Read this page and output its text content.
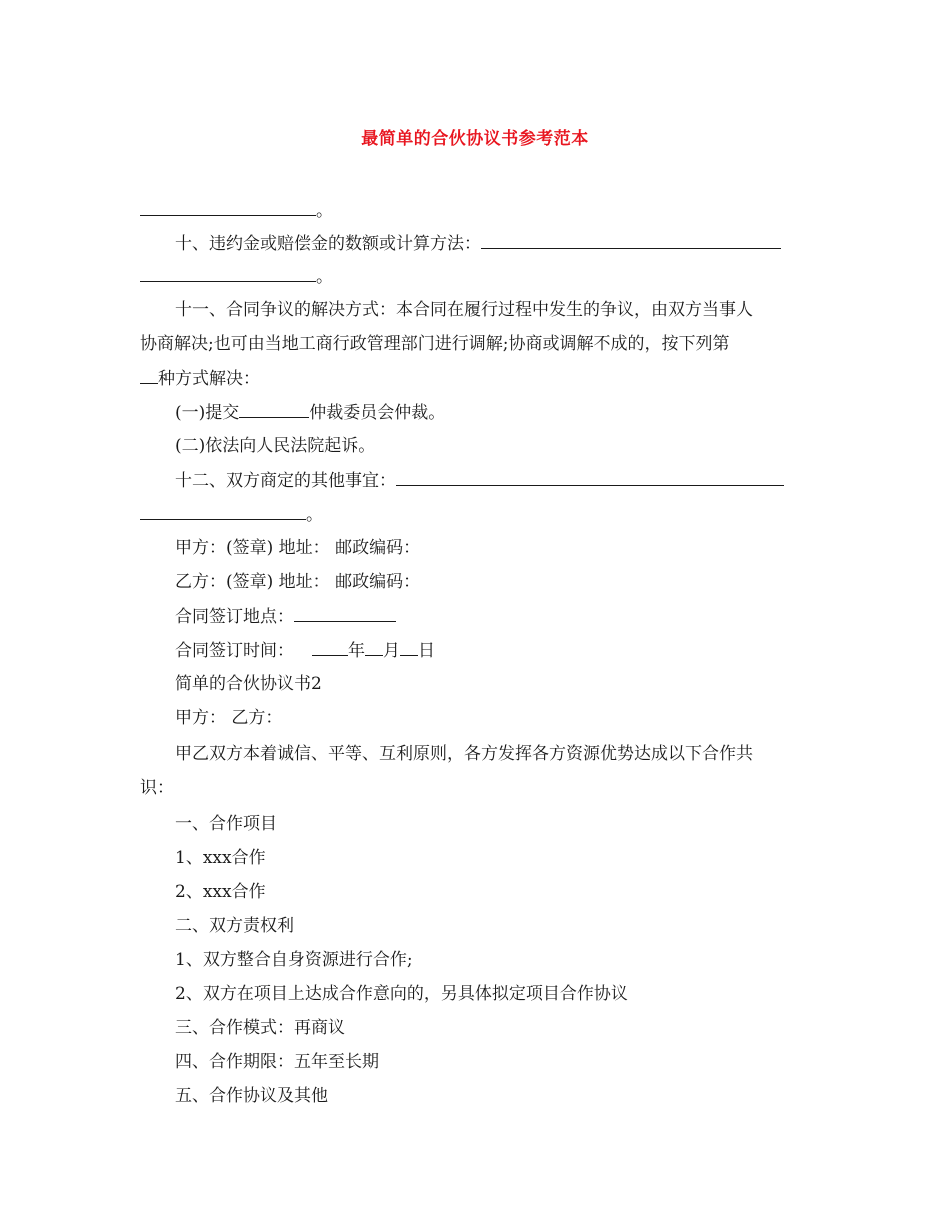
最简单的合伙协议书参考范本
。
十、违约金或赔偿金的数额或计算方法：
。
十一、合同争议的解决方式：本合同在履行过程中发生的争议，由双方当事人
协商解决;也可由当地工商行政管理部门进行调解;协商或调解不成的，按下列第
种方式解决：
(一)提交	仲裁委员会仲裁。
(二)依法向人民法院起诉。
十二、双方商定的其他事宜：
。
甲方：(签章) 地址： 邮政编码：
乙方：(签章) 地址： 邮政编码：
合同签订地点：
合同签订时间：	年 月 日
简单的合伙协议书2
甲方： 乙方：
甲乙双方本着诚信、平等、互利原则，各方发挥各方资源优势达成以下合作共
识：
一、合作项目
1、xxx合作
2、xxx合作
二、双方责权利
1、双方整合自身资源进行合作;
2、双方在项目上达成合作意向的，另具体拟定项目合作协议
三、合作模式：再商议
四、合作期限：五年至长期
五、合作协议及其他
